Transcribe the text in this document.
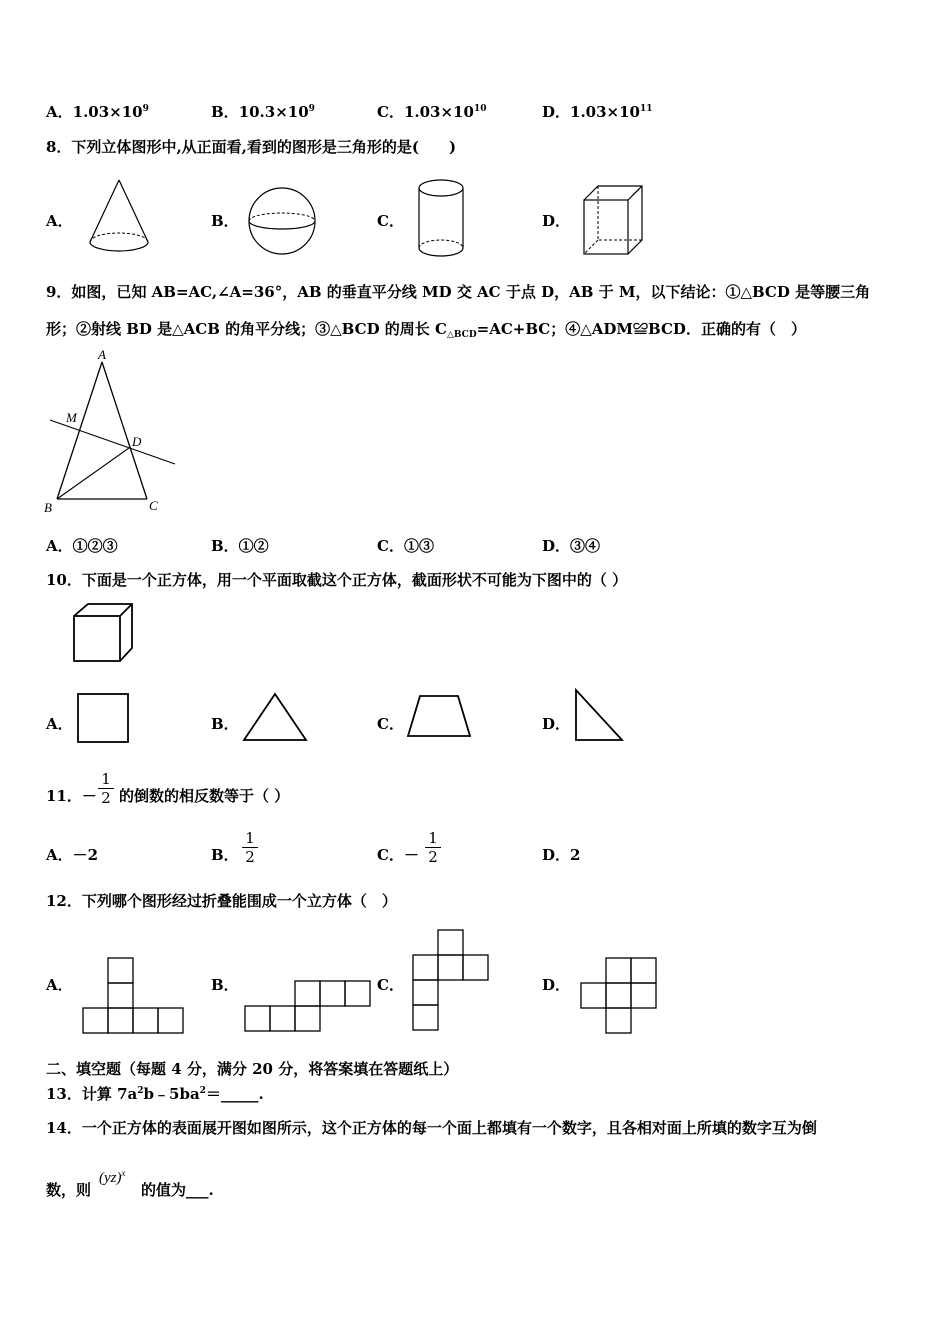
A．$1.03\times 10^9$	B．$10.3\times 10^9$	C．$1.03\times 10^{10}$	D．$1.03\times 10^{11}$
8．下列立体图形中,从正面看,看到的图形是三角形的是(　　)
A．	B．	C．	D．
9．如图，已知 AB=AC,∠A=36°，AB 的垂直平分线 MD 交 AC 于点 D，AB 于 M，以下结论：①△BCD 是等腰三角
形；②射线 BD 是△ACB 的角平分线；③△BCD 的周长 $C_{\triangle BCD}=AC+BC$；④△ADM≌BCD．正确的有（　）
A
M
D
B	C
A．①②③	B．①②	C．①③	D．③④
10．下面是一个正方体，用一个平面取截这个正方体，截面形状不可能为下图中的（ ）
A．	B．	C．	D．
11．－
1
2 的倒数的相反数等于（ ）
A．－2	B．
1
2	C．－
1
2	D．2
12．下列哪个图形经过折叠能围成一个立方体（　）
A．	B．	C．	D．
二、填空题（每题 4 分，满分 20 分，将答案填在答题纸上）
13．计算 $7a^2b﹣5ba^2=\_\_\_\_\_$.
14．一个正方体的表面展开图如图所示，这个正方体的每一个面上都填有一个数字，且各相对面上所填的数字互为倒
数，则
(yz)$^x$
的值为___.
